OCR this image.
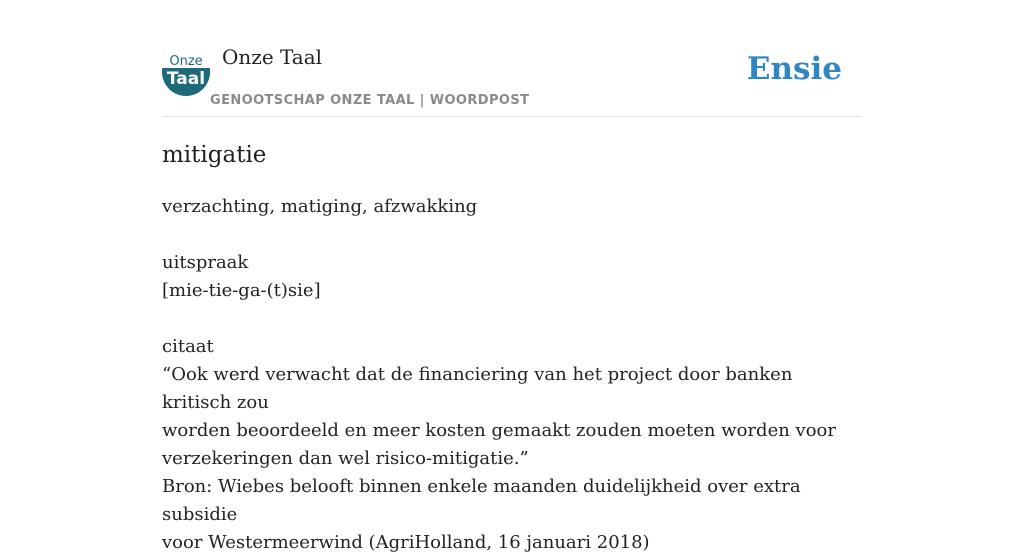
Onze
Taal
Onze Taal
GENOOTSCHAP ONZE TAAL | WOORDPOST
Ensie
mitigatie

verzachting, matiging, afzwakking

uitspraak

[mie-tie-ga-(t)sie]

citaat

“Ook werd verwacht dat de financiering van het project door banken kritisch zou

worden beoordeeld en meer kosten gemaakt zouden moeten worden voor

verzekeringen dan wel risico-mitigatie.”

Bron: Wiebes belooft binnen enkele maanden duidelijkheid over extra subsidie

voor Westermeerwind (AgriHolland, 16 januari 2018)
